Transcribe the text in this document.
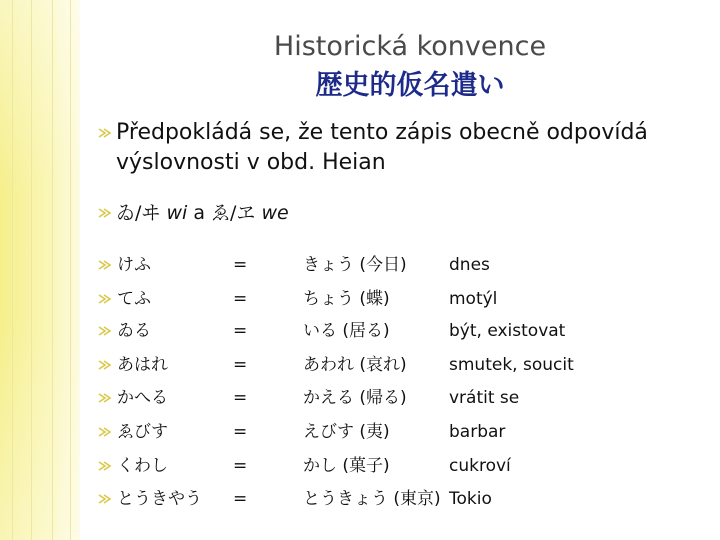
Historická konvence
歴史的仮名遣い
Předpokládá se, že tento zápis obecně odpovídá výslovnosti v obd. Heian
ゐ/ヰ wi a ゑ/ヱ we
けふ	=	きょう (今日) dnes
てふ	=	ちょう (蝶)	motýl
ゐる	=	いる (居る)	být, existovat
あはれ	=	あわれ (哀れ) smutek, soucit
かへる	=	かえる (帰る) vrátit se
ゑびす	=	えびす (夷)	barbar
くわし	=	かし (菓子)	cukroví
とうきやう =	とうきょう (東京) Tokio
